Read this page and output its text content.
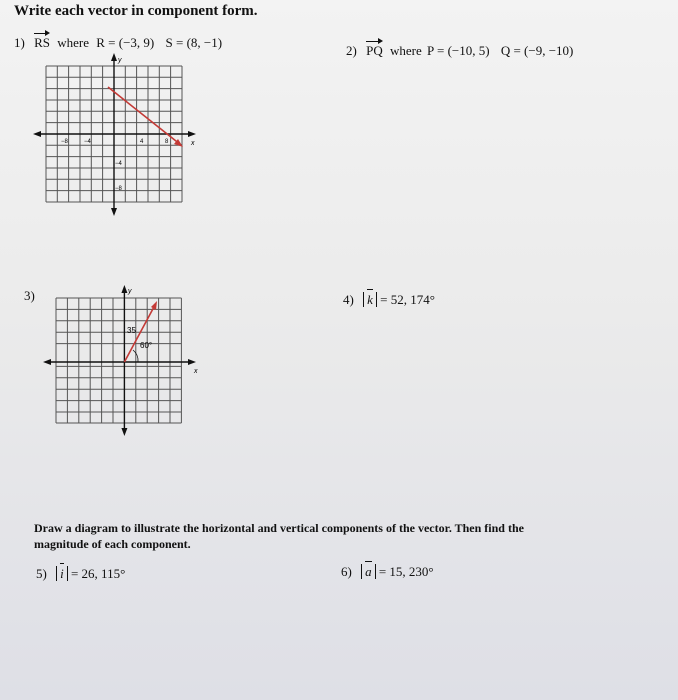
Write each vector in component form.
1) RS where R = (−3, 9) S = (8, −1)
y
x
−8	−4	4	8
−4
−8
2) PQ where P = (−10, 5) Q = (−9, −10)
3)	y
x
35
60°
4) k = 52, 174°
Draw a diagram to illustrate the horizontal and vertical components of the vector. Then find the
magnitude of each component.
5) i = 26, 115°	6) a = 15, 230°
